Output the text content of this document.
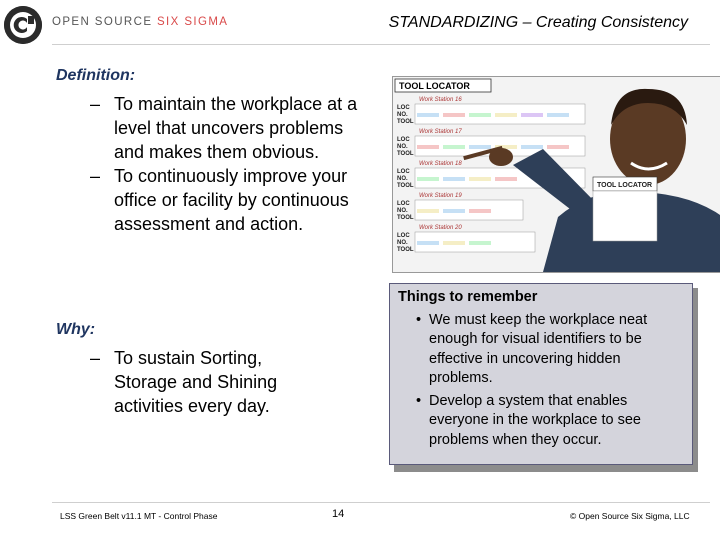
OPEN SOURCE SIX SIGMA	STANDARDIZING – Creating Consistency
Definition:

– To maintain the workplace at a level that uncovers problems and makes them obvious.

– To continuously improve your office or facility by continuous assessment and action.

Why:

– To sustain Sorting, Storage and Shining activities every day.

TOOL LOCATOR
Work Station 16
LOC
NO.
TOOL
Work Station 17
LOC
NO.
TOOL
Work Station 18
LOC
NO.
TOOL
Work Station 19
LOC
NO.
TOOL
Work Station 20
LOC
NO.
TOOL
TOOL LOCATOR
Things to remember
• We must keep the workplace neat enough for visual identifiers to be effective in uncovering hidden problems.
• Develop a system that enables everyone in the workplace to see problems when they occur.
LSS Green Belt v11.1 MT - Control Phase	14	© Open Source Six Sigma, LLC
